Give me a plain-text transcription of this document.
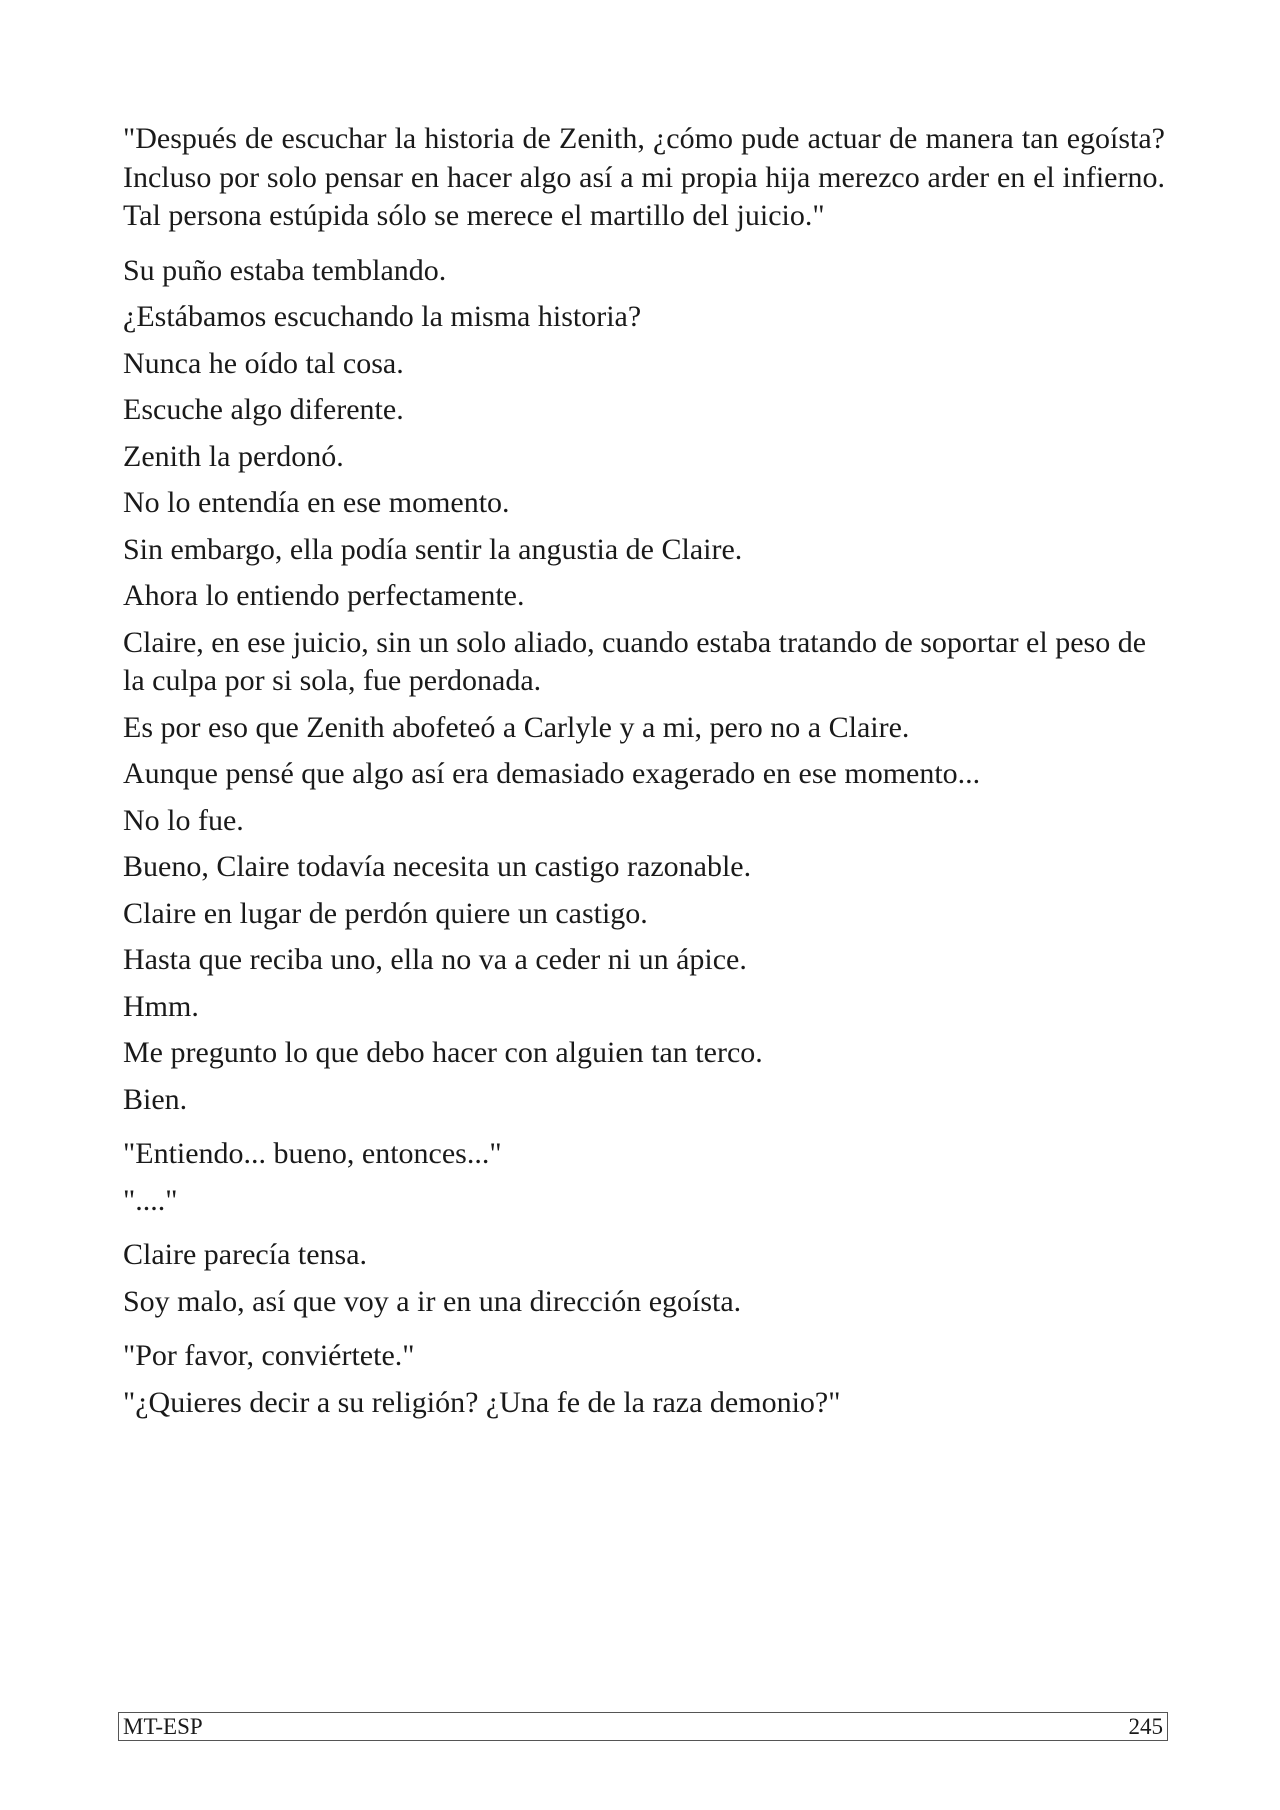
"Después de escuchar la historia de Zenith, ¿cómo pude actuar de manera tan egoísta? Incluso por solo pensar en hacer algo así a mi propia hija merezco arder en el infierno. Tal persona estúpida sólo se merece el martillo del juicio."

Su puño estaba temblando.

¿Estábamos escuchando la misma historia?

Nunca he oído tal cosa.

Escuche algo diferente.

Zenith la perdonó.

No lo entendía en ese momento.

Sin embargo, ella podía sentir la angustia de Claire.

Ahora lo entiendo perfectamente.

Claire, en ese juicio, sin un solo aliado, cuando estaba tratando de soportar el peso de la culpa por si sola, fue perdonada.

Es por eso que Zenith abofeteó a Carlyle y a mi, pero no a Claire.

Aunque pensé que algo así era demasiado exagerado en ese momento...

No lo fue.

Bueno, Claire todavía necesita un castigo razonable.

Claire en lugar de perdón quiere un castigo.

Hasta que reciba uno, ella no va a ceder ni un ápice.

Hmm.

Me pregunto lo que debo hacer con alguien tan terco.

Bien.

"Entiendo... bueno, entonces..."

"...."

Claire parecía tensa.

Soy malo, así que voy a ir en una dirección egoísta.

"Por favor, conviértete."

"¿Quieres decir a su religión? ¿Una fe de la raza demonio?"

MT-ESP	245
